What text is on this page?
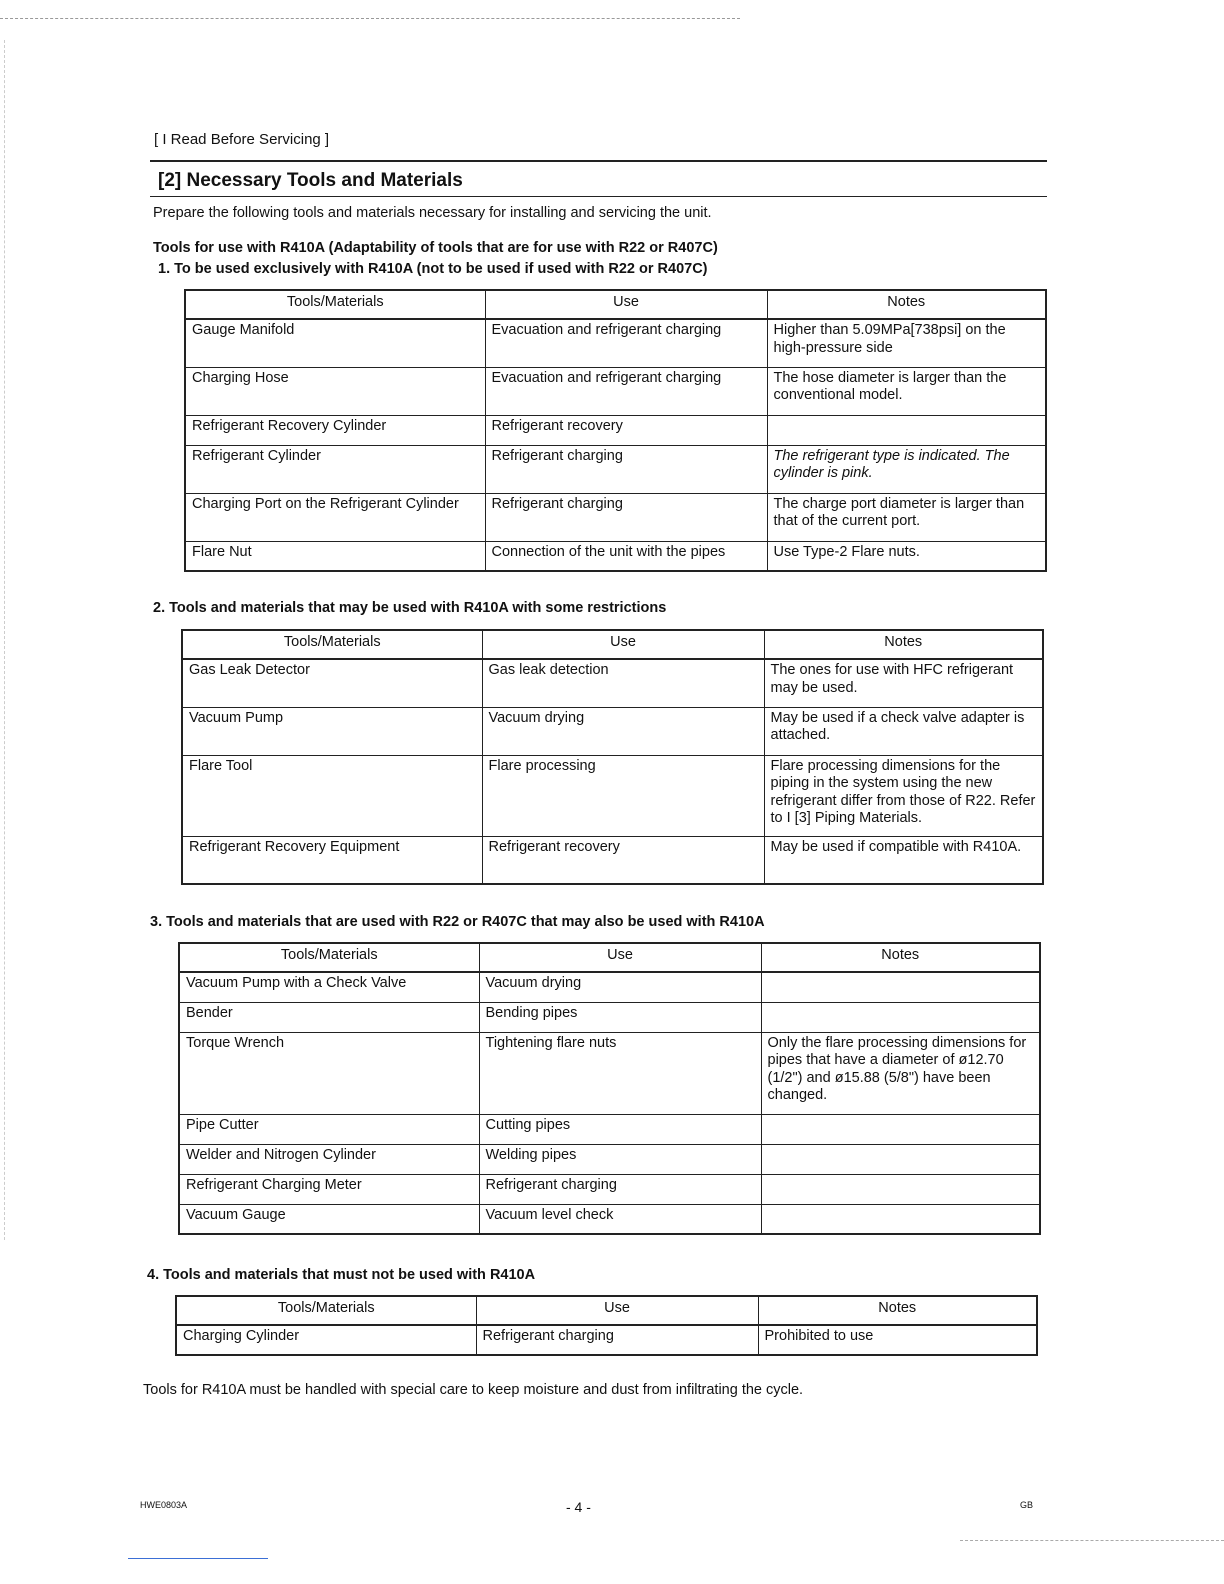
[ I Read Before Servicing ]
[2] Necessary Tools and Materials
Prepare the following tools and materials necessary for installing and servicing the unit.
Tools for use with R410A (Adaptability of tools that are for use with R22 or R407C)
1. To be used exclusively with R410A (not to be used if used with R22 or R407C)
Tools/Materials	Use	Notes
Gauge Manifold	Evacuation and refrigerant charging	Higher than 5.09MPa[738psi] on the high-pressure side
Charging Hose	Evacuation and refrigerant charging	The hose diameter is larger than the conventional model.
Refrigerant Recovery Cylinder	Refrigerant recovery	
Refrigerant Cylinder	Refrigerant charging	The refrigerant type is indicated. The cylinder is pink.
Charging Port on the Refrigerant Cylinder	Refrigerant charging	The charge port diameter is larger than that of the current port.
Flare Nut	Connection of the unit with the pipes	Use Type-2 Flare nuts.
2. Tools and materials that may be used with R410A with some restrictions
Tools/Materials	Use	Notes
Gas Leak Detector	Gas leak detection	The ones for use with HFC refrigerant may be used.
Vacuum Pump	Vacuum drying	May be used if a check valve adapter is attached.
Flare Tool	Flare processing	Flare processing dimensions for the piping in the system using the new refrigerant differ from those of R22. Refer to I [3] Piping Materials.
Refrigerant Recovery Equipment	Refrigerant recovery	May be used if compatible with R410A.
3. Tools and materials that are used with R22 or R407C that may also be used with R410A
Tools/Materials	Use	Notes
Vacuum Pump with a Check Valve	Vacuum drying	
Bender	Bending pipes	
Torque Wrench	Tightening flare nuts	Only the flare processing dimensions for pipes that have a diameter of ø12.70 (1/2") and ø15.88 (5/8") have been changed.
Pipe Cutter	Cutting pipes	
Welder and Nitrogen Cylinder	Welding pipes	
Refrigerant Charging Meter	Refrigerant charging	
Vacuum Gauge	Vacuum level check	
4. Tools and materials that must not be used with R410A
Tools/Materials	Use	Notes
Charging Cylinder	Refrigerant charging	Prohibited to use
Tools for R410A must be handled with special care to keep moisture and dust from infiltrating the cycle.
HWE0803A	- 4 -	GB
